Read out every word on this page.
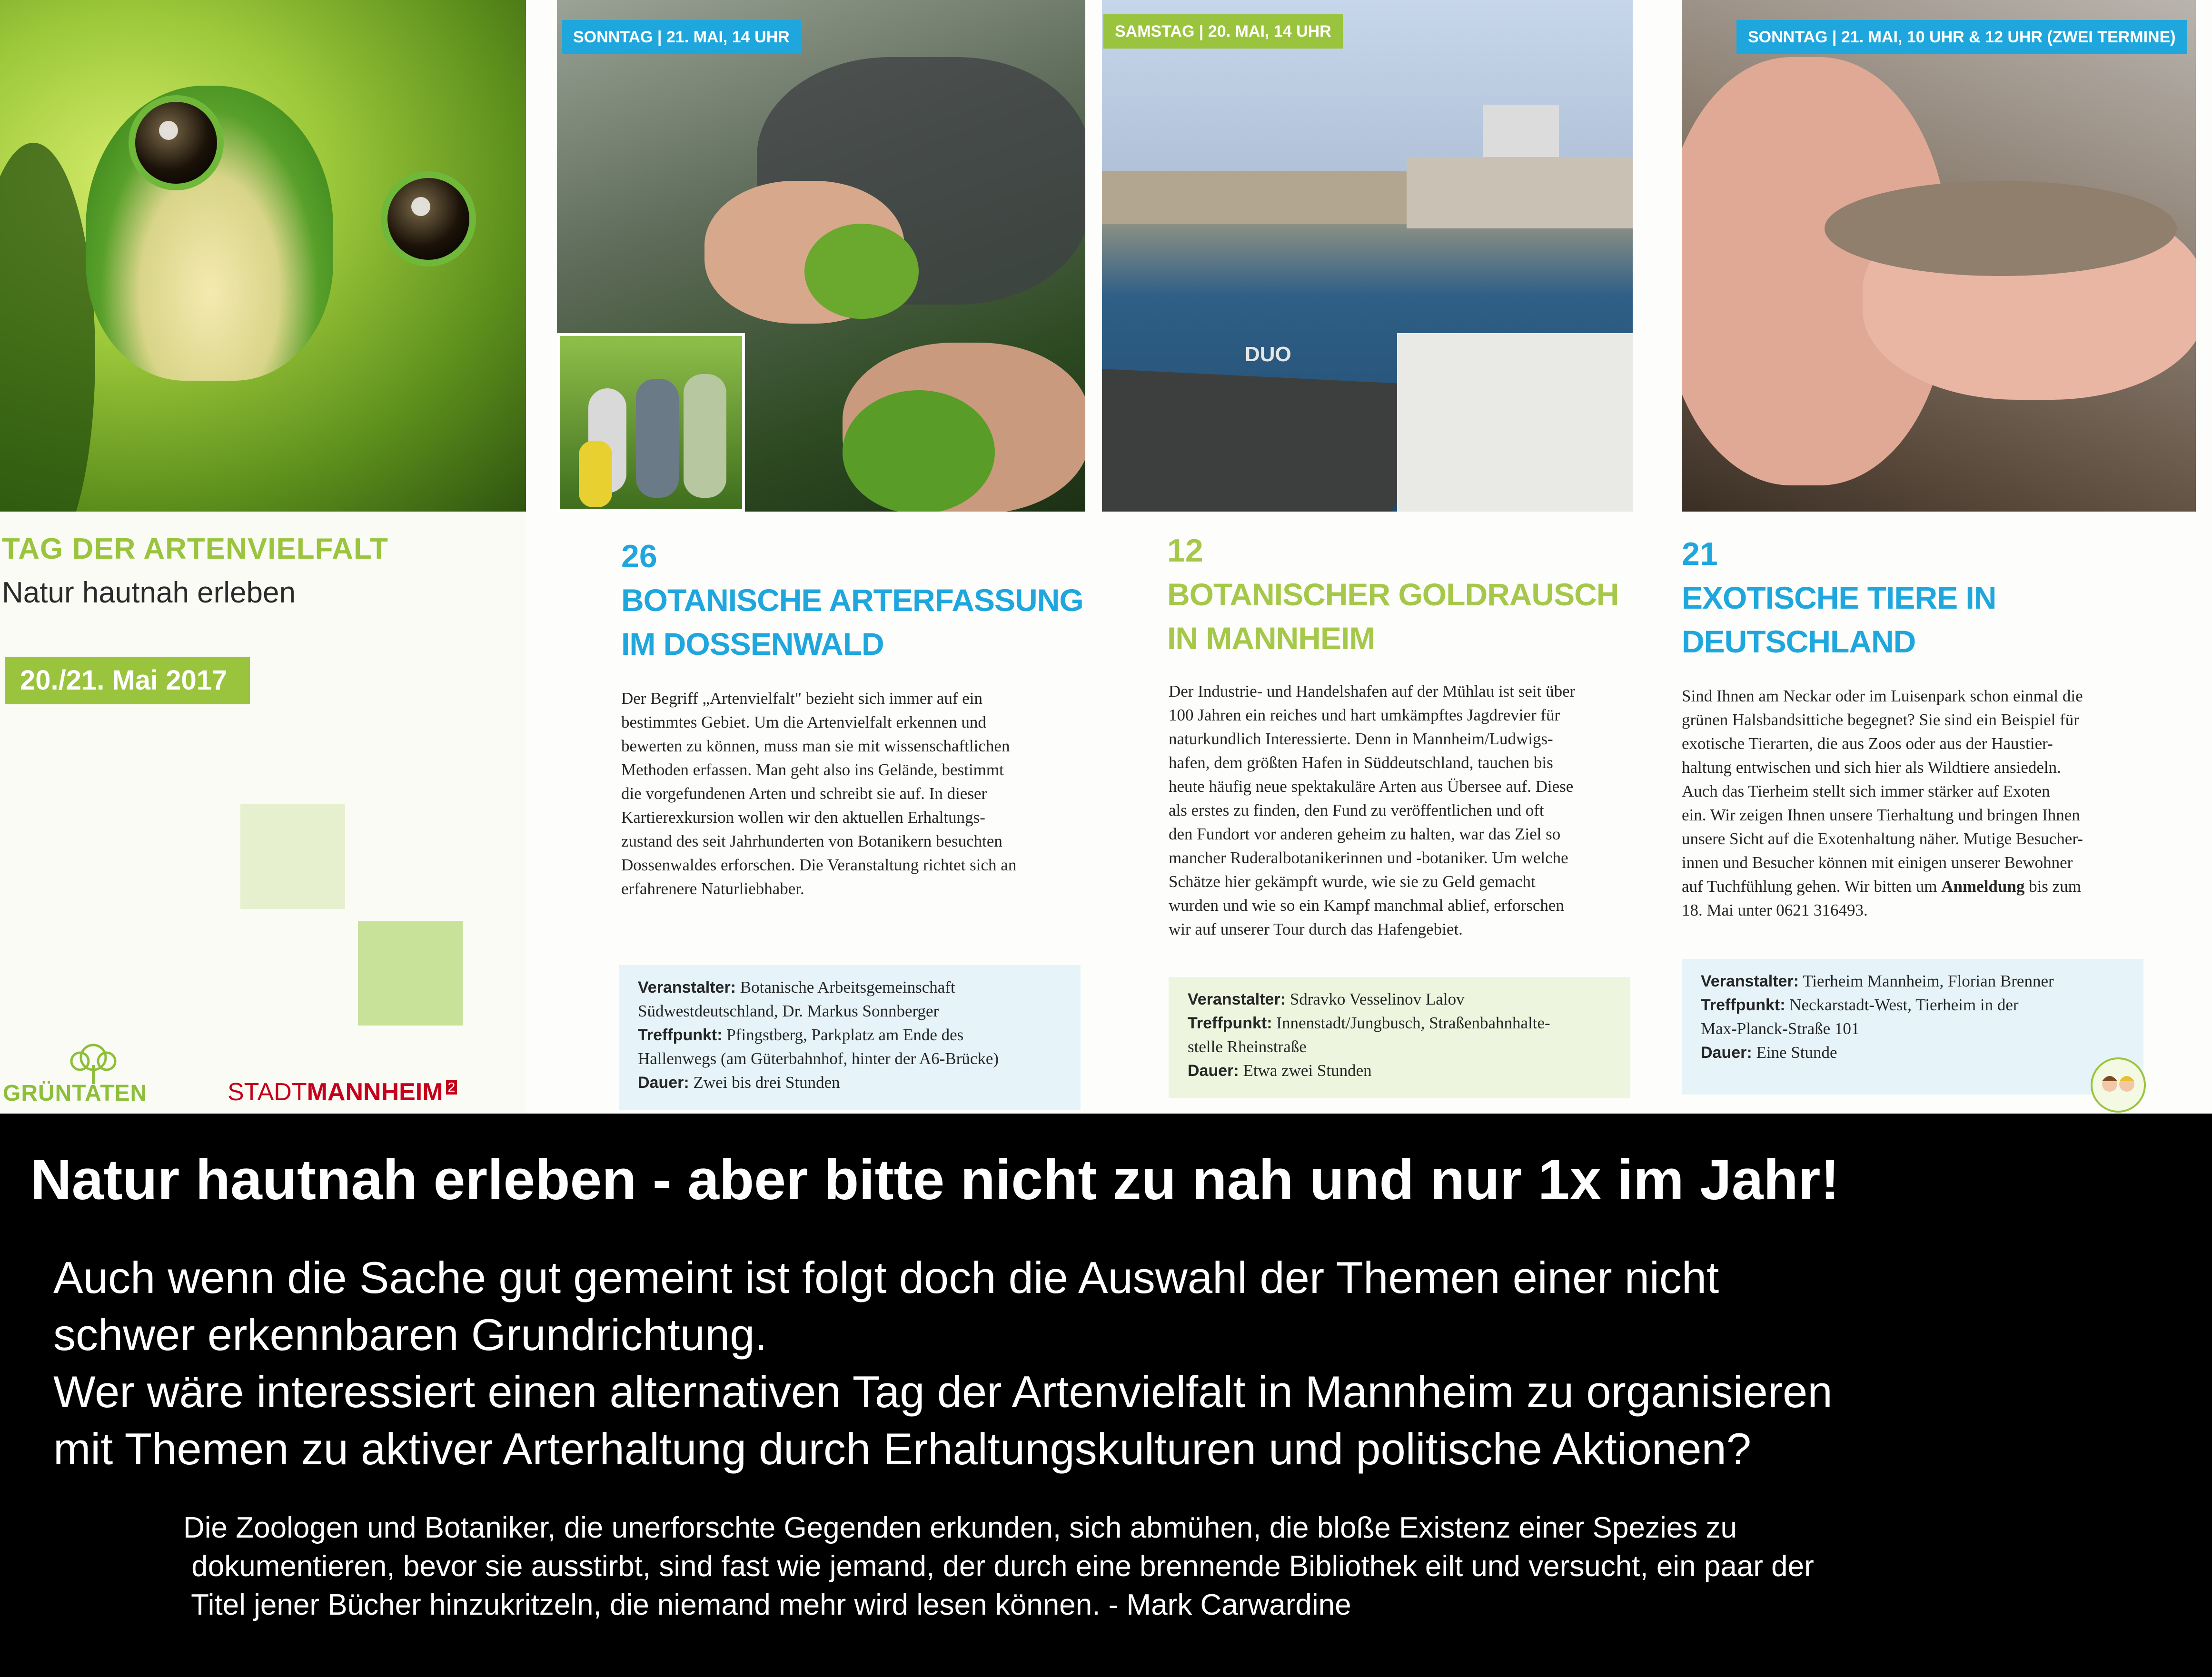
TAG DER ARTENVIELFALT
Natur hautnah erleben
20./21. Mai 2017
GRÜNTATEN	STADTMANNHEIM $^2$
SONNTAG | 21. MAI, 14 UHR
26
BOTANISCHE ARTERFASSUNG
IM DOSSENWALD
Der Begriff „Artenvielfalt" bezieht sich immer auf ein
bestimmtes Gebiet. Um die Artenvielfalt erkennen und
bewerten zu können, muss man sie mit wissenschaftlichen
Methoden erfassen. Man geht also ins Gelände, bestimmt
die vorgefundenen Arten und schreibt sie auf. In dieser
Kartierexkursion wollen wir den aktuellen Erhaltungs-
zustand des seit Jahrhunderten von Botanikern besuchten
Dossenwaldes erforschen. Die Veranstaltung richtet sich an
erfahrenere Naturliebhaber.
Veranstalter: Botanische Arbeitsgemeinschaft
Südwestdeutschland, Dr. Markus Sonnberger
Treffpunkt: Pfingstberg, Parkplatz am Ende des
Hallenwegs (am Güterbahnhof, hinter der A6-Brücke)
Dauer: Zwei bis drei Stunden
DUO
SAMSTAG | 20. MAI, 14 UHR
12
BOTANISCHER GOLDRAUSCH
IN MANNHEIM
Der Industrie- und Handelshafen auf der Mühlau ist seit über
100 Jahren ein reiches und hart umkämpftes Jagdrevier für
naturkundlich Interessierte. Denn in Mannheim/Ludwigs-
hafen, dem größten Hafen in Süddeutschland, tauchen bis
heute häufig neue spektakuläre Arten aus Übersee auf. Diese
als erstes zu finden, den Fund zu veröffentlichen und oft
den Fundort vor anderen geheim zu halten, war das Ziel so
mancher Ruderalbotanikerinnen und -botaniker. Um welche
Schätze hier gekämpft wurde, wie sie zu Geld gemacht
wurden und wie so ein Kampf manchmal ablief, erforschen
wir auf unserer Tour durch das Hafengebiet.
Veranstalter: Sdravko Vesselinov Lalov
Treffpunkt: Innenstadt/Jungbusch, Straßenbahnhalte-
stelle Rheinstraße
Dauer: Etwa zwei Stunden
SONNTAG | 21. MAI, 10 UHR & 12 UHR (ZWEI TERMINE)
21
EXOTISCHE TIERE IN
DEUTSCHLAND
Sind Ihnen am Neckar oder im Luisenpark schon einmal die
grünen Halsbandsittiche begegnet? Sie sind ein Beispiel für
exotische Tierarten, die aus Zoos oder aus der Haustier-
haltung entwischen und sich hier als Wildtiere ansiedeln.
Auch das Tierheim stellt sich immer stärker auf Exoten
ein. Wir zeigen Ihnen unsere Tierhaltung und bringen Ihnen
unsere Sicht auf die Exotenhaltung näher. Mutige Besucher-
innen und Besucher können mit einigen unserer Bewohner
auf Tuchfühlung gehen. Wir bitten um Anmeldung bis zum
18. Mai unter 0621 316493.
Veranstalter: Tierheim Mannheim, Florian Brenner
Treffpunkt: Neckarstadt-West, Tierheim in der
Max-Planck-Straße 101
Dauer: Eine Stunde
Natur hautnah erleben - aber bitte nicht zu nah und nur 1x im Jahr!
Auch wenn die Sache gut gemeint ist folgt doch die Auswahl der Themen einer nicht
schwer erkennbaren Grundrichtung.
Wer wäre interessiert einen alternativen Tag der Artenvielfalt in Mannheim zu organisieren
mit Themen zu aktiver Arterhaltung durch Erhaltungskulturen und politische Aktionen?
Die Zoologen und Botaniker, die unerforschte Gegenden erkunden, sich abmühen, die bloße Existenz einer Spezies zu
dokumentieren, bevor sie ausstirbt, sind fast wie jemand, der durch eine brennende Bibliothek eilt und versucht, ein paar der
Titel jener Bücher hinzukritzeln, die niemand mehr wird lesen können. - Mark Carwardine
